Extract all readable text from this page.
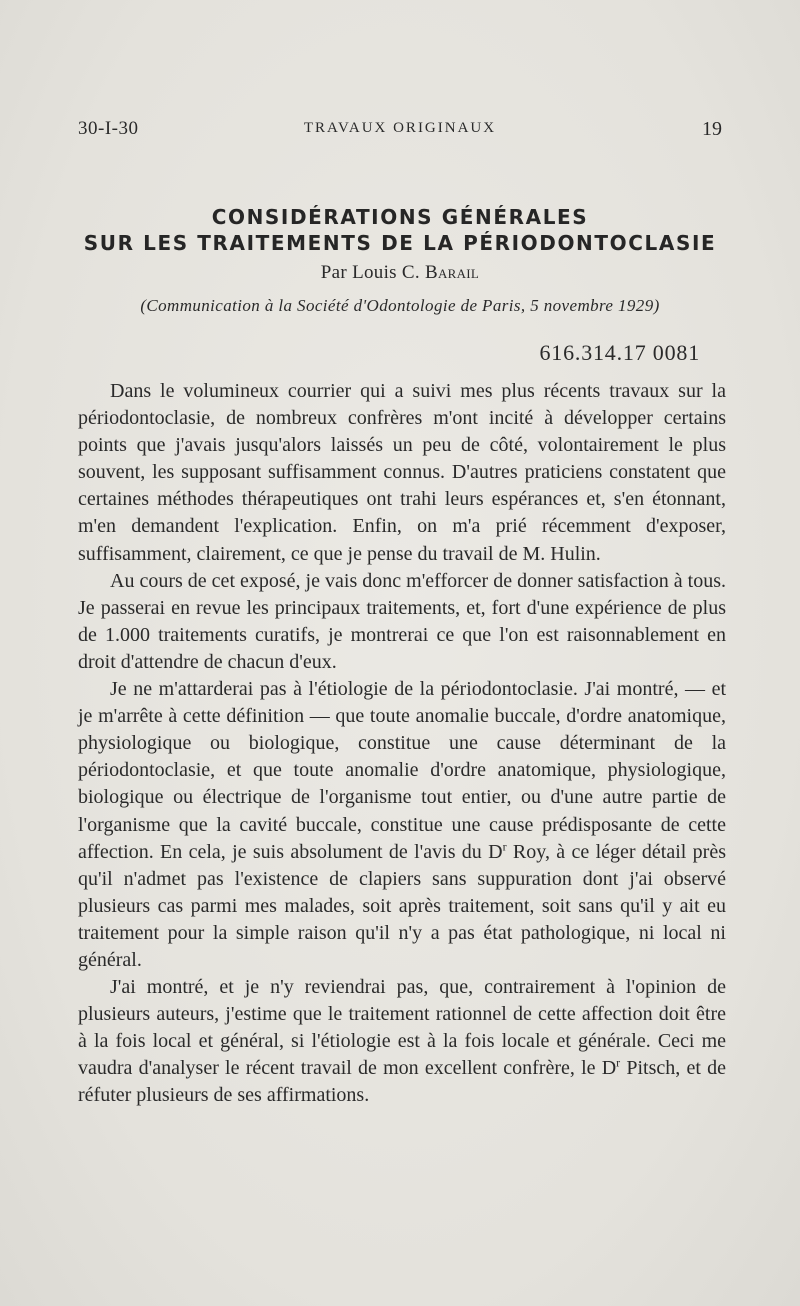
30-I-30	TRAVAUX ORIGINAUX	19
CONSIDÉRATIONS GÉNÉRALES
SUR LES TRAITEMENTS DE LA PÉRIODONTOCLASIE
Par Louis C. Barail
(Communication à la Société d'Odontologie de Paris, 5 novembre 1929)
616.314.17 0081

Dans le volumineux courrier qui a suivi mes plus récents travaux sur la périodontoclasie, de nombreux confrères m'ont incité à développer certains points que j'avais jusqu'alors laissés un peu de côté, volontairement le plus souvent, les supposant suffisamment connus. D'autres praticiens constatent que certaines méthodes thérapeutiques ont trahi leurs espérances et, s'en étonnant, m'en demandent l'explication. Enfin, on m'a prié récemment d'exposer, suffisamment, clairement, ce que je pense du travail de M. Hulin.

Au cours de cet exposé, je vais donc m'efforcer de donner satisfaction à tous. Je passerai en revue les principaux traitements, et, fort d'une expérience de plus de 1.000 traitements curatifs, je montrerai ce que l'on est raisonnablement en droit d'attendre de chacun d'eux.

Je ne m'attarderai pas à l'étiologie de la périodontoclasie. J'ai montré, — et je m'arrête à cette définition — que toute anomalie buccale, d'ordre anatomique, physiologique ou biologique, constitue une cause déterminant de la périodontoclasie, et que toute anomalie d'ordre anatomique, physiologique, biologique ou électrique de l'organisme tout entier, ou d'une autre partie de l'organisme que la cavité buccale, constitue une cause prédisposante de cette affection. En cela, je suis absolument de l'avis du $D^r$ Roy, à ce léger détail près qu'il n'admet pas l'existence de clapiers sans suppuration dont j'ai observé plusieurs cas parmi mes malades, soit après traitement, soit sans qu'il y ait eu traitement pour la simple raison qu'il n'y a pas état pathologique, ni local ni général.

J'ai montré, et je n'y reviendrai pas, que, contrairement à l'opinion de plusieurs auteurs, j'estime que le traitement rationnel de cette affection doit être à la fois local et général, si l'étiologie est à la fois locale et générale. Ceci me vaudra d'analyser le récent travail de mon excellent confrère, le $D^r$ Pitsch, et de réfuter plusieurs de ses affirmations.
